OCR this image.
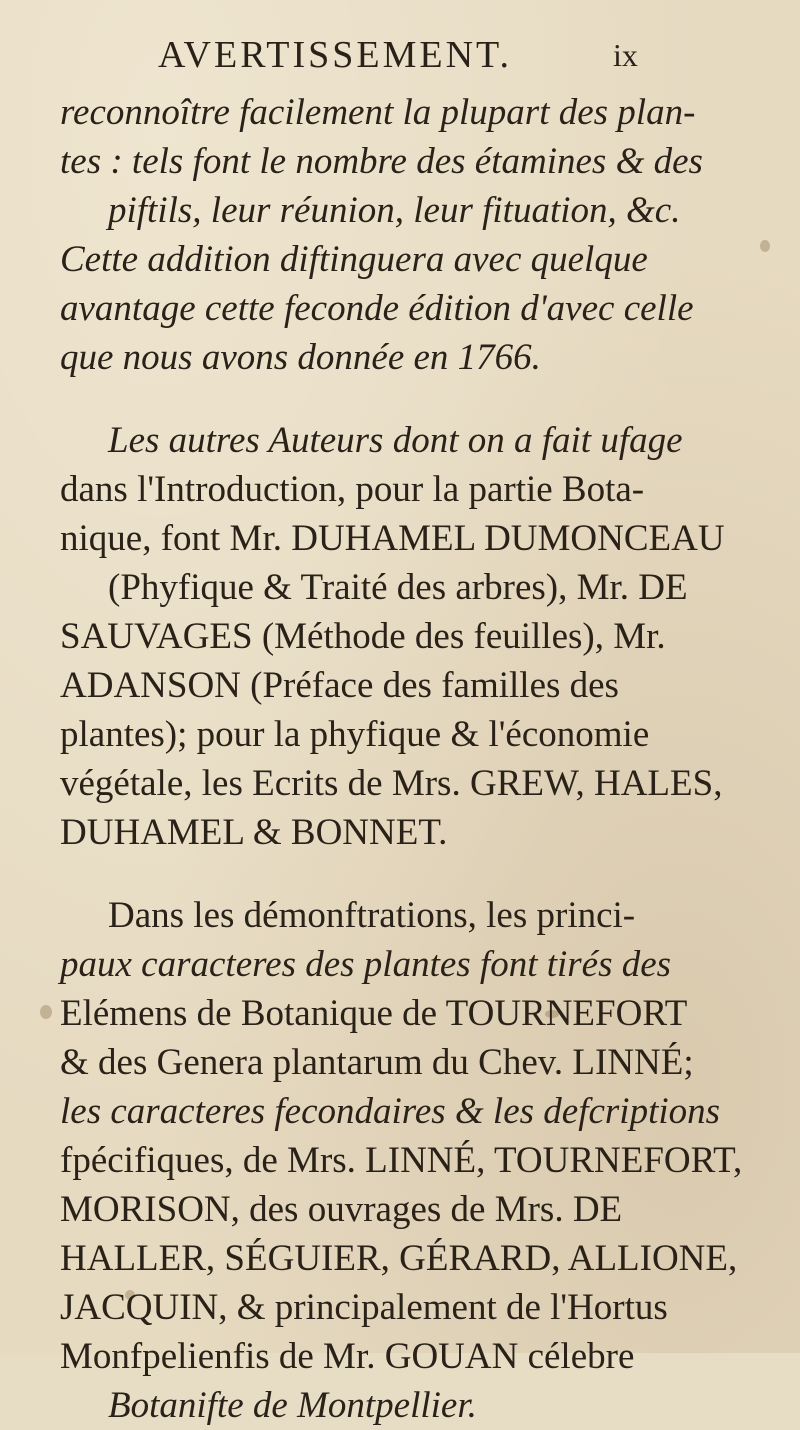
AVERTISSEMENT.	ix
reconnoître facilement la plupart des plan-
tes : tels font le nombre des étamines & des
piftils, leur réunion, leur fituation, &c.
Cette addition diftinguera avec quelque
avantage cette feconde édition d'avec celle
que nous avons donnée en 1766.
Les autres Auteurs dont on a fait ufage
dans l'Introduction, pour la partie Bota-
nique, font Mr. DUHAMEL DUMONCEAU
(Phyfique & Traité des arbres), Mr. DE
SAUVAGES (Méthode des feuilles), Mr.
ADANSON (Préface des familles des
plantes); pour la phyfique & l'économie
végétale, les Ecrits de Mrs. GREW, HALES,
DUHAMEL & BONNET.
Dans les démonftrations, les princi-
paux caracteres des plantes font tirés des
Elémens de Botanique de TOURNEFORT
& des Genera plantarum du Chev. LINNÉ;
les caracteres fecondaires & les defcriptions
fpécifiques, de Mrs. LINNÉ, TOURNEFORT,
MORISON, des ouvrages de Mrs. DE
HALLER, SÉGUIER, GÉRARD, ALLIONE,
JACQUIN, & principalement de l'Hortus
Monfpelienfis de Mr. GOUAN célebre
Botanifte de Montpellier.
